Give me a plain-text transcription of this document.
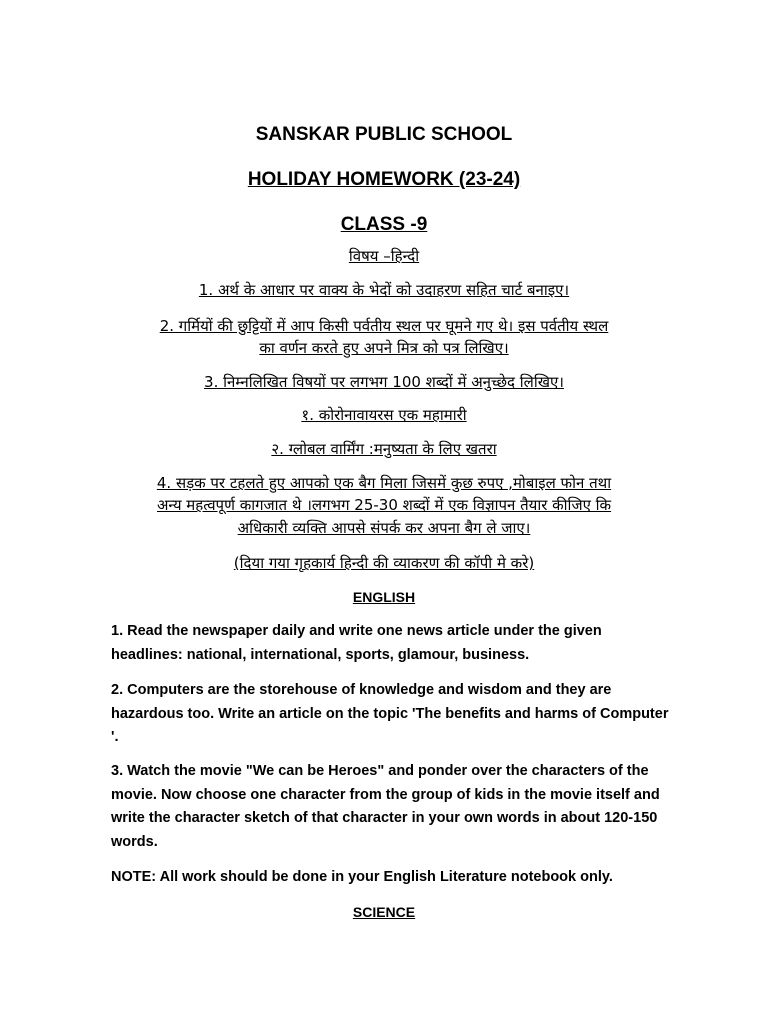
SANSKAR PUBLIC SCHOOL
HOLIDAY HOMEWORK (23-24)
CLASS -9
विषय –हिन्दी
1. अर्थ के आधार पर वाक्य के भेदों को उदाहरण सहित चार्ट बनाइए।
2. गर्मियों की छुट्टियों में आप किसी पर्वतीय स्थल पर घूमने गए थे। इस पर्वतीय स्थल
का वर्णन करते हुए अपने मित्र को पत्र लिखिए।
3. निम्नलिखित विषयों पर लगभग 100 शब्दों में अनुच्छेद लिखिए।
१. कोरोनावायरस एक महामारी
२. ग्लोबल वार्मिंग :मनुष्यता के लिए खतरा
4. सड़क पर टहलते हुए आपको एक बैग मिला जिसमें कुछ रुपए ,मोबाइल फोन तथा
अन्य महत्वपूर्ण कागजात थे ।लगभग 25-30 शब्दों में एक विज्ञापन तैयार कीजिए कि
अधिकारी व्यक्ति आपसे संपर्क कर अपना बैग ले जाए।
(दिया गया गृहकार्य हिन्दी की व्याकरण की कॉपी मे करे)
ENGLISH
1. Read the newspaper daily and write one news article under the given headlines: national, international, sports, glamour, business.
2. Computers are the storehouse of knowledge and wisdom and they are hazardous too. Write an article on the topic 'The benefits and harms of Computer '.
3. Watch the movie "We can be Heroes" and ponder over the characters of the movie. Now choose one character from the group of kids in the movie itself and write the character sketch of that character in your own words in about 120-150 words.
NOTE: All work should be done in your English Literature notebook only.
SCIENCE
